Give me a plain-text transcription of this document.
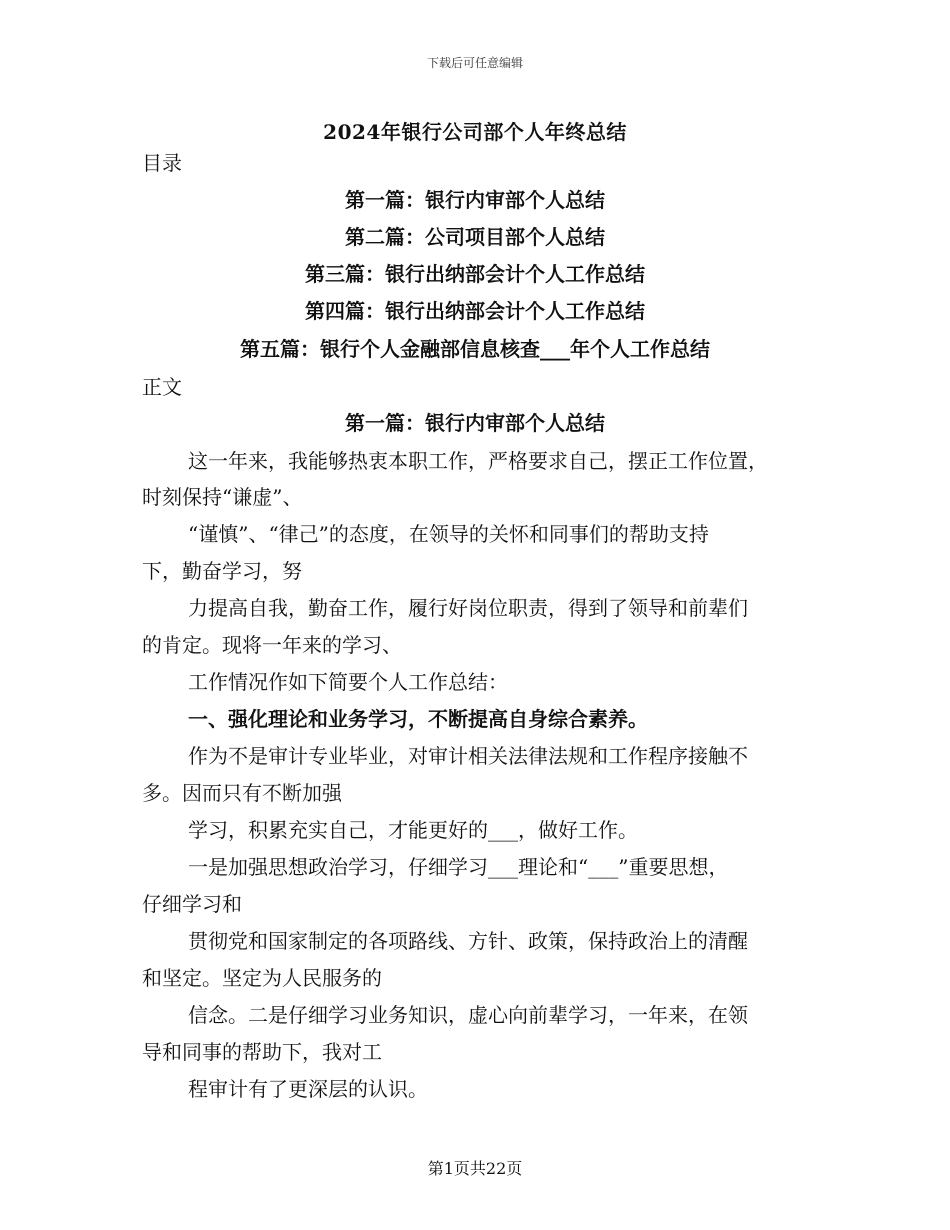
下载后可任意编辑
2024年银行公司部个人年终总结
目录
第一篇：银行内审部个人总结
第二篇：公司项目部个人总结
第三篇：银行出纳部会计个人工作总结
第四篇：银行出纳部会计个人工作总结
第五篇：银行个人金融部信息核查___年个人工作总结
正文
第一篇：银行内审部个人总结
这一年来，我能够热衷本职工作，严格要求自己，摆正工作位置，
时刻保持“谦虚”、
“谨慎”、“律己”的态度，在领导的关怀和同事们的帮助支持
下，勤奋学习，努
力提高自我，勤奋工作，履行好岗位职责，得到了领导和前辈们
的肯定。现将一年来的学习、
工作情况作如下简要个人工作总结：
一、强化理论和业务学习，不断提高自身综合素养。
作为不是审计专业毕业，对审计相关法律法规和工作程序接触不
多。因而只有不断加强
学习，积累充实自己，才能更好的___，做好工作。
一是加强思想政治学习，仔细学习___理论和“___”重要思想，
仔细学习和
贯彻党和国家制定的各项路线、方针、政策，保持政治上的清醒
和坚定。坚定为人民服务的
信念。二是仔细学习业务知识，虚心向前辈学习，一年来，在领
导和同事的帮助下，我对工
程审计有了更深层的认识。
第1页共22页
